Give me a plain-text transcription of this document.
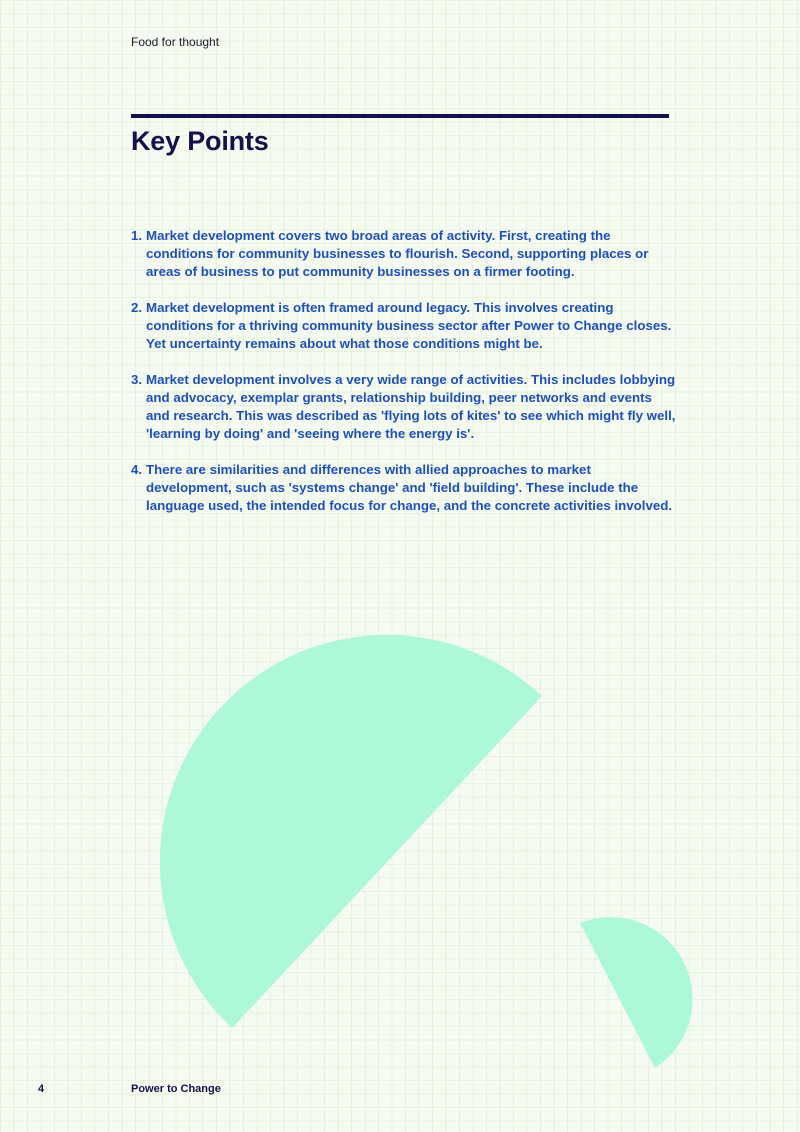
Food for thought
Key Points
1. Market development covers two broad areas of activity. First, creating the conditions for community businesses to flourish. Second, supporting places or areas of business to put community businesses on a firmer footing.
2. Market development is often framed around legacy. This involves creating conditions for a thriving community business sector after Power to Change closes. Yet uncertainty remains about what those conditions might be.
3. Market development involves a very wide range of activities. This includes lobbying and advocacy, exemplar grants, relationship building, peer networks and events and research. This was described as 'flying lots of kites' to see which might fly well, 'learning by doing' and 'seeing where the energy is'.
4. There are similarities and differences with allied approaches to market development, such as 'systems change' and 'field building'. These include the language used, the intended focus for change, and the concrete activities involved.
4	Power to Change
